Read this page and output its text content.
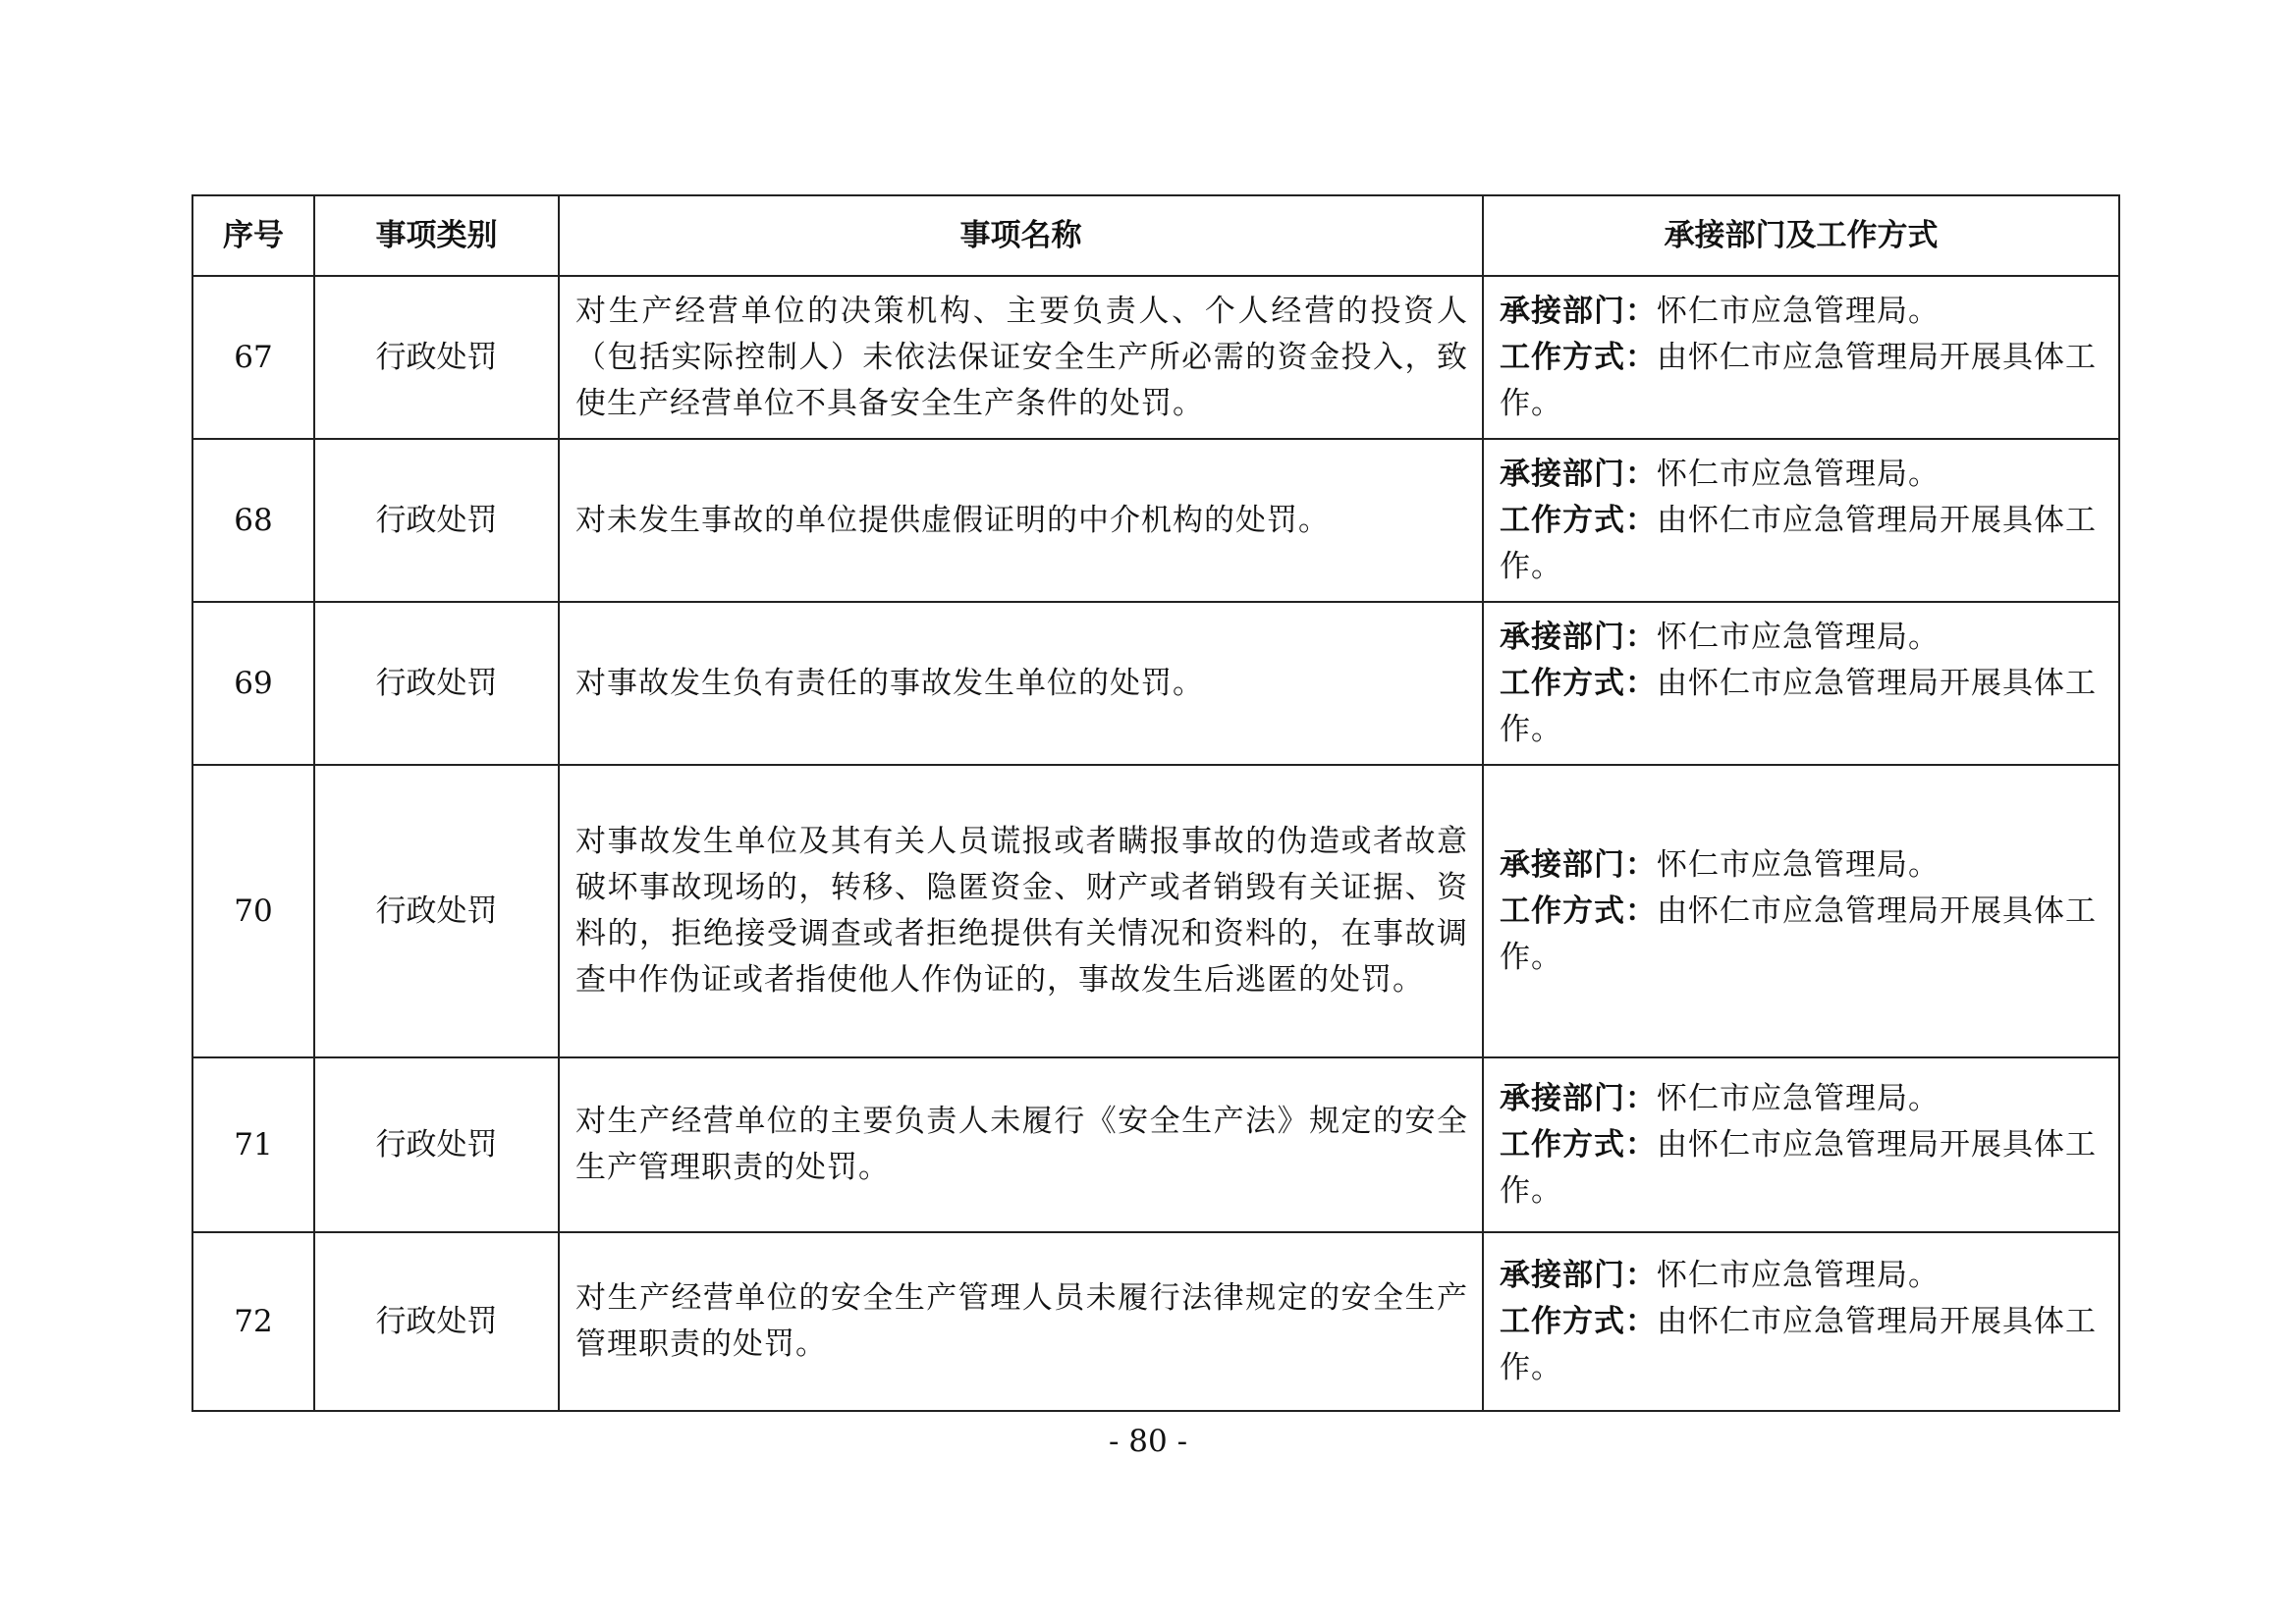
序号	事项类别	事项名称	承接部门及工作方式
67	行政处罚	对生产经营单位的决策机构、主要负责人、个人经营的投资人（包括实际控制人）未依法保证安全生产所必需的资金投入，致使生产经营单位不具备安全生产条件的处罚。	承接部门：怀仁市应急管理局。
工作方式：由怀仁市应急管理局开展具体工作。
68	行政处罚	对未发生事故的单位提供虚假证明的中介机构的处罚。	承接部门：怀仁市应急管理局。
工作方式：由怀仁市应急管理局开展具体工作。
69	行政处罚	对事故发生负有责任的事故发生单位的处罚。	承接部门：怀仁市应急管理局。
工作方式：由怀仁市应急管理局开展具体工作。
70	行政处罚	对事故发生单位及其有关人员谎报或者瞒报事故的伪造或者故意破坏事故现场的，转移、隐匿资金、财产或者销毁有关证据、资料的，拒绝接受调查或者拒绝提供有关情况和资料的，在事故调查中作伪证或者指使他人作伪证的，事故发生后逃匿的处罚。	承接部门：怀仁市应急管理局。
工作方式：由怀仁市应急管理局开展具体工作。
71	行政处罚	对生产经营单位的主要负责人未履行《安全生产法》规定的安全生产管理职责的处罚。	承接部门：怀仁市应急管理局。
工作方式：由怀仁市应急管理局开展具体工作。
72	行政处罚	对生产经营单位的安全生产管理人员未履行法律规定的安全生产管理职责的处罚。	承接部门：怀仁市应急管理局。
工作方式：由怀仁市应急管理局开展具体工作。
- 80 -
